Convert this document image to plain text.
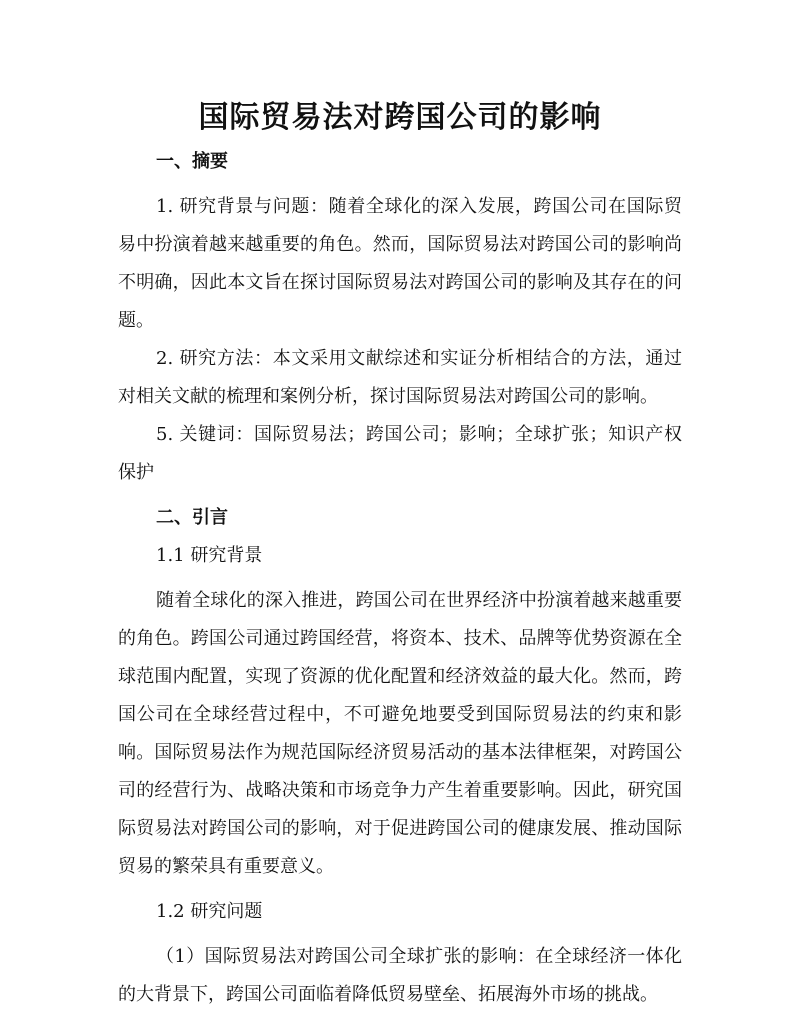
国际贸易法对跨国公司的影响
一、摘要
1. 研究背景与问题：随着全球化的深入发展，跨国公司在国际贸易中扮演着越来越重要的角色。然而，国际贸易法对跨国公司的影响尚不明确，因此本文旨在探讨国际贸易法对跨国公司的影响及其存在的问题。
2. 研究方法：本文采用文献综述和实证分析相结合的方法，通过对相关文献的梳理和案例分析，探讨国际贸易法对跨国公司的影响。
5. 关键词：国际贸易法；跨国公司；影响；全球扩张；知识产权保护
二、引言
1.1 研究背景
随着全球化的深入推进，跨国公司在世界经济中扮演着越来越重要的角色。跨国公司通过跨国经营，将资本、技术、品牌等优势资源在全球范围内配置，实现了资源的优化配置和经济效益的最大化。然而，跨国公司在全球经营过程中，不可避免地要受到国际贸易法的约束和影响。国际贸易法作为规范国际经济贸易活动的基本法律框架，对跨国公司的经营行为、战略决策和市场竞争力产生着重要影响。因此，研究国际贸易法对跨国公司的影响，对于促进跨国公司的健康发展、推动国际贸易的繁荣具有重要意义。
1.2 研究问题
（1）国际贸易法对跨国公司全球扩张的影响：在全球经济一体化的大背景下，跨国公司面临着降低贸易壁垒、拓展海外市场的挑战。
